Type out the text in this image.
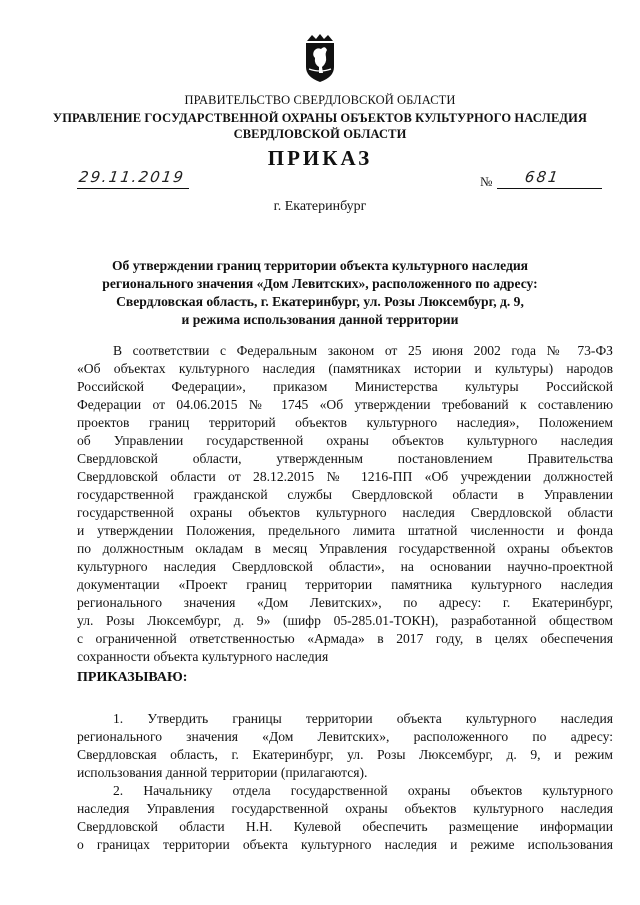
ПРАВИТЕЛЬСТВО СВЕРДЛОВСКОЙ ОБЛАСТИ
УПРАВЛЕНИЕ ГОСУДАРСТВЕННОЙ ОХРАНЫ ОБЪЕКТОВ КУЛЬТУРНОГО НАСЛЕДИЯ
СВЕРДЛОВСКОЙ ОБЛАСТИ
ПРИКАЗ
29.11.2019	№ 681
г. Екатеринбург
Об утверждении границ территории объекта культурного наследия
регионального значения «Дом Левитских», расположенного по адресу:
Свердловская область, г. Екатеринбург, ул. Розы Люксембург, д. 9,
и режима использования данной территории
В соответствии с Федеральным законом от 25 июня 2002 года № 73-ФЗ
«Об объектах культурного наследия (памятниках истории и культуры) народов
Российской Федерации», приказом Министерства культуры Российской
Федерации от 04.06.2015 № 1745 «Об утверждении требований к составлению
проектов границ территорий объектов культурного наследия», Положением
об Управлении государственной охраны объектов культурного наследия
Свердловской области, утвержденным постановлением Правительства
Свердловской области от 28.12.2015 № 1216-ПП «Об учреждении должностей
государственной гражданской службы Свердловской области в Управлении
государственной охраны объектов культурного наследия Свердловской области
и утверждении Положения, предельного лимита штатной численности и фонда
по должностным окладам в месяц Управления государственной охраны объектов
культурного наследия Свердловской области», на основании научно-проектной
документации «Проект границ территории памятника культурного наследия
регионального значения «Дом Левитских», по адресу: г. Екатеринбург,
ул. Розы Люксембург, д. 9» (шифр 05-285.01-ТОКН), разработанной обществом
с ограниченной ответственностью «Армада» в 2017 году, в целях обеспечения
сохранности объекта культурного наследия
ПРИКАЗЫВАЮ:
1. Утвердить границы территории объекта культурного наследия
регионального значения «Дом Левитских», расположенного по адресу:
Свердловская область, г. Екатеринбург, ул. Розы Люксембург, д. 9, и режим
использования данной территории (прилагаются).
2. Начальнику отдела государственной охраны объектов культурного
наследия Управления государственной охраны объектов культурного наследия
Свердловской области Н.Н. Кулевой обеспечить размещение информации
о границах территории объекта культурного наследия и режиме использования
